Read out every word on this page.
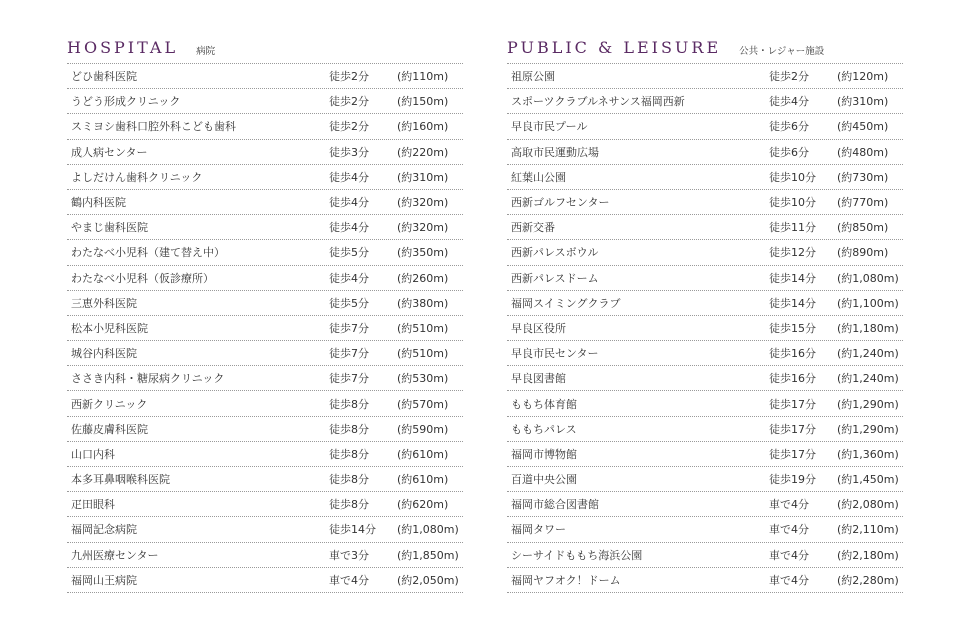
HOSPITAL 病院
どひ歯科医院	徒歩2分	(約110m)
うどう形成クリニック	徒歩2分	(約150m)
スミヨシ歯科口腔外科こども歯科	徒歩2分	(約160m)
成人病センター	徒歩3分	(約220m)
よしだけん歯科クリニック	徒歩4分	(約310m)
鶴内科医院	徒歩4分	(約320m)
やまじ歯科医院	徒歩4分	(約320m)
わたなべ小児科（建て替え中）	徒歩5分	(約350m)
わたなべ小児科（仮診療所）	徒歩4分	(約260m)
三恵外科医院	徒歩5分	(約380m)
松本小児科医院	徒歩7分	(約510m)
城谷内科医院	徒歩7分	(約510m)
ささき内科・糖尿病クリニック	徒歩7分	(約530m)
西新クリニック	徒歩8分	(約570m)
佐藤皮膚科医院	徒歩8分	(約590m)
山口内科	徒歩8分	(約610m)
本多耳鼻咽喉科医院	徒歩8分	(約610m)
疋田眼科	徒歩8分	(約620m)
福岡記念病院	徒歩14分	(約1,080m)
九州医療センター	車で3分	(約1,850m)
福岡山王病院	車で4分	(約2,050m)
PUBLIC & LEISURE 公共・レジャー施設
祖原公園	徒歩2分	(約120m)
スポーツクラブルネサンス福岡西新	徒歩4分	(約310m)
早良市民プール	徒歩6分	(約450m)
高取市民運動広場	徒歩6分	(約480m)
紅葉山公園	徒歩10分	(約730m)
西新ゴルフセンター	徒歩10分	(約770m)
西新交番	徒歩11分	(約850m)
西新パレスボウル	徒歩12分	(約890m)
西新パレスドーム	徒歩14分	(約1,080m)
福岡スイミングクラブ	徒歩14分	(約1,100m)
早良区役所	徒歩15分	(約1,180m)
早良市民センター	徒歩16分	(約1,240m)
早良図書館	徒歩16分	(約1,240m)
ももち体育館	徒歩17分	(約1,290m)
ももちパレス	徒歩17分	(約1,290m)
福岡市博物館	徒歩17分	(約1,360m)
百道中央公園	徒歩19分	(約1,450m)
福岡市総合図書館	車で4分	(約2,080m)
福岡タワー	車で4分	(約2,110m)
シーサイドももち海浜公園	車で4分	(約2,180m)
福岡ヤフオク！ドーム	車で4分	(約2,280m)
